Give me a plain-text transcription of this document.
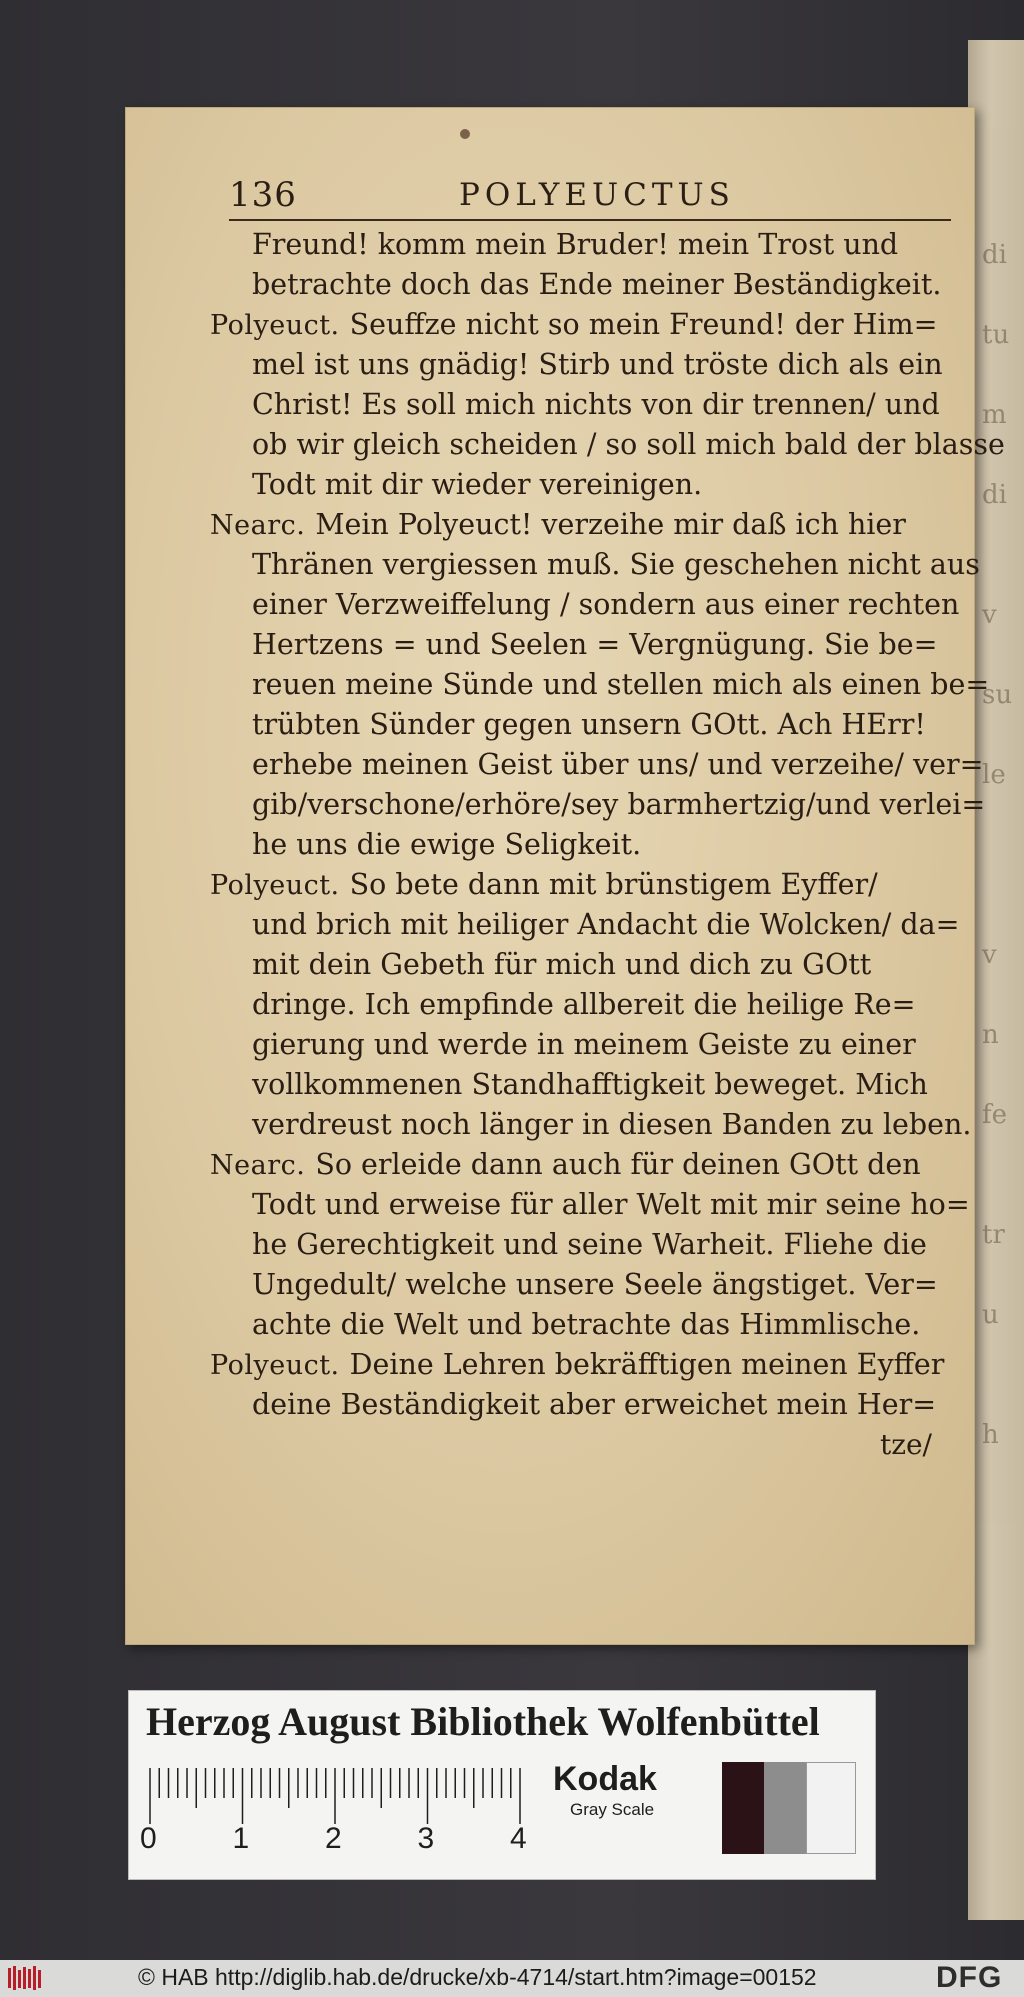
di
tu
m
di
v
su
le
v
n
fe
tr
u
h
136	POLYEUCTUS
Freund! komm mein Bruder! mein Trost und
betrachte doch das Ende meiner Beständigkeit.
Polyeuct. Seuffze nicht so mein Freund! der Him=
mel ist uns gnädig! Stirb und tröste dich als ein
Christ! Es soll mich nichts von dir trennen/ und
ob wir gleich scheiden / so soll mich bald der blasse
Todt mit dir wieder vereinigen.
Nearc. Mein Polyeuct! verzeihe mir daß ich hier
Thränen vergiessen muß. Sie geschehen nicht aus
einer Verzweiffelung / sondern aus einer rechten
Hertzens = und Seelen = Vergnügung. Sie be=
reuen meine Sünde und stellen mich als einen be=
trübten Sünder gegen unsern GOtt. Ach HErr!
erhebe meinen Geist über uns/ und verzeihe/ ver=
gib/verschone/erhöre/sey barmhertzig/und verlei=
he uns die ewige Seligkeit.
Polyeuct. So bete dann mit brünstigem Eyffer/
und brich mit heiliger Andacht die Wolcken/ da=
mit dein Gebeth für mich und dich zu GOtt
dringe. Ich empfinde allbereit die heilige Re=
gierung und werde in meinem Geiste zu einer
vollkommenen Standhafftigkeit beweget. Mich
verdreust noch länger in diesen Banden zu leben.
Nearc. So erleide dann auch für deinen GOtt den
Todt und erweise für aller Welt mit mir seine ho=
he Gerechtigkeit und seine Warheit. Fliehe die
Ungedult/ welche unsere Seele ängstiget. Ver=
achte die Welt und betrachte das Himmlische.
Polyeuct. Deine Lehren bekräfftigen meinen Eyffer
deine Beständigkeit aber erweichet mein Her=
tze/
Herzog August Bibliothek Wolfenbüttel
0	1	2	3	4
Kodak
Gray Scale
© HAB http://diglib.hab.de/drucke/xb-4714/start.htm?image=00152	DFG
